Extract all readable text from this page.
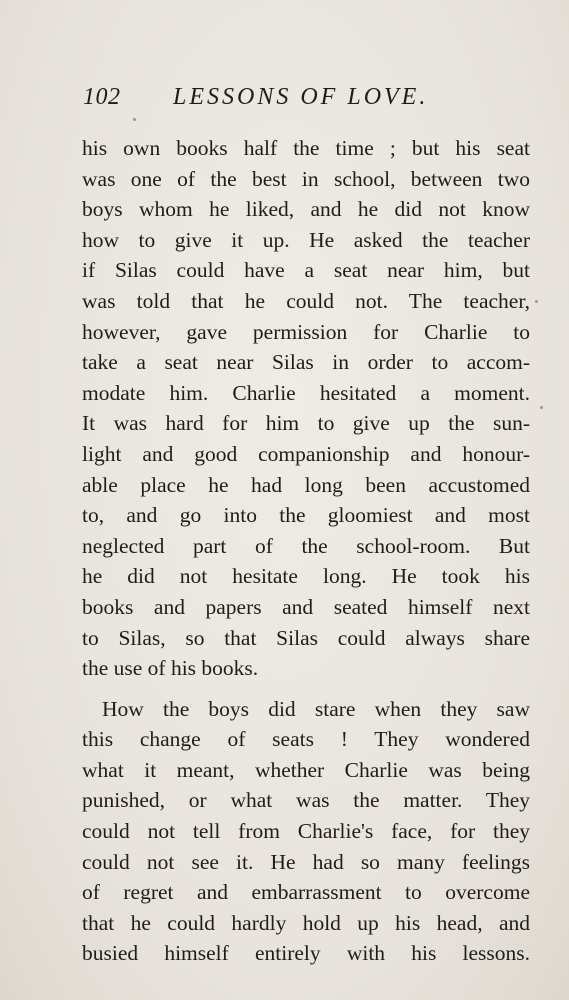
102 LESSONS OF LOVE.
his own books half the time ; but his seat
was one of the best in school, between two
boys whom he liked, and he did not know
how to give it up. He asked the teacher
if Silas could have a seat near him, but
was told that he could not. The teacher,
however, gave permission for Charlie to
take a seat near Silas in order to accom-
modate him. Charlie hesitated a moment.
It was hard for him to give up the sun-
light and good companionship and honour-
able place he had long been accustomed
to, and go into the gloomiest and most
neglected part of the school-room. But
he did not hesitate long. He took his
books and papers and seated himself next
to Silas, so that Silas could always share
the use of his books.
How the boys did stare when they saw
this change of seats ! They wondered
what it meant, whether Charlie was being
punished, or what was the matter. They
could not tell from Charlie's face, for they
could not see it. He had so many feelings
of regret and embarrassment to overcome
that he could hardly hold up his head, and
busied himself entirely with his lessons.
